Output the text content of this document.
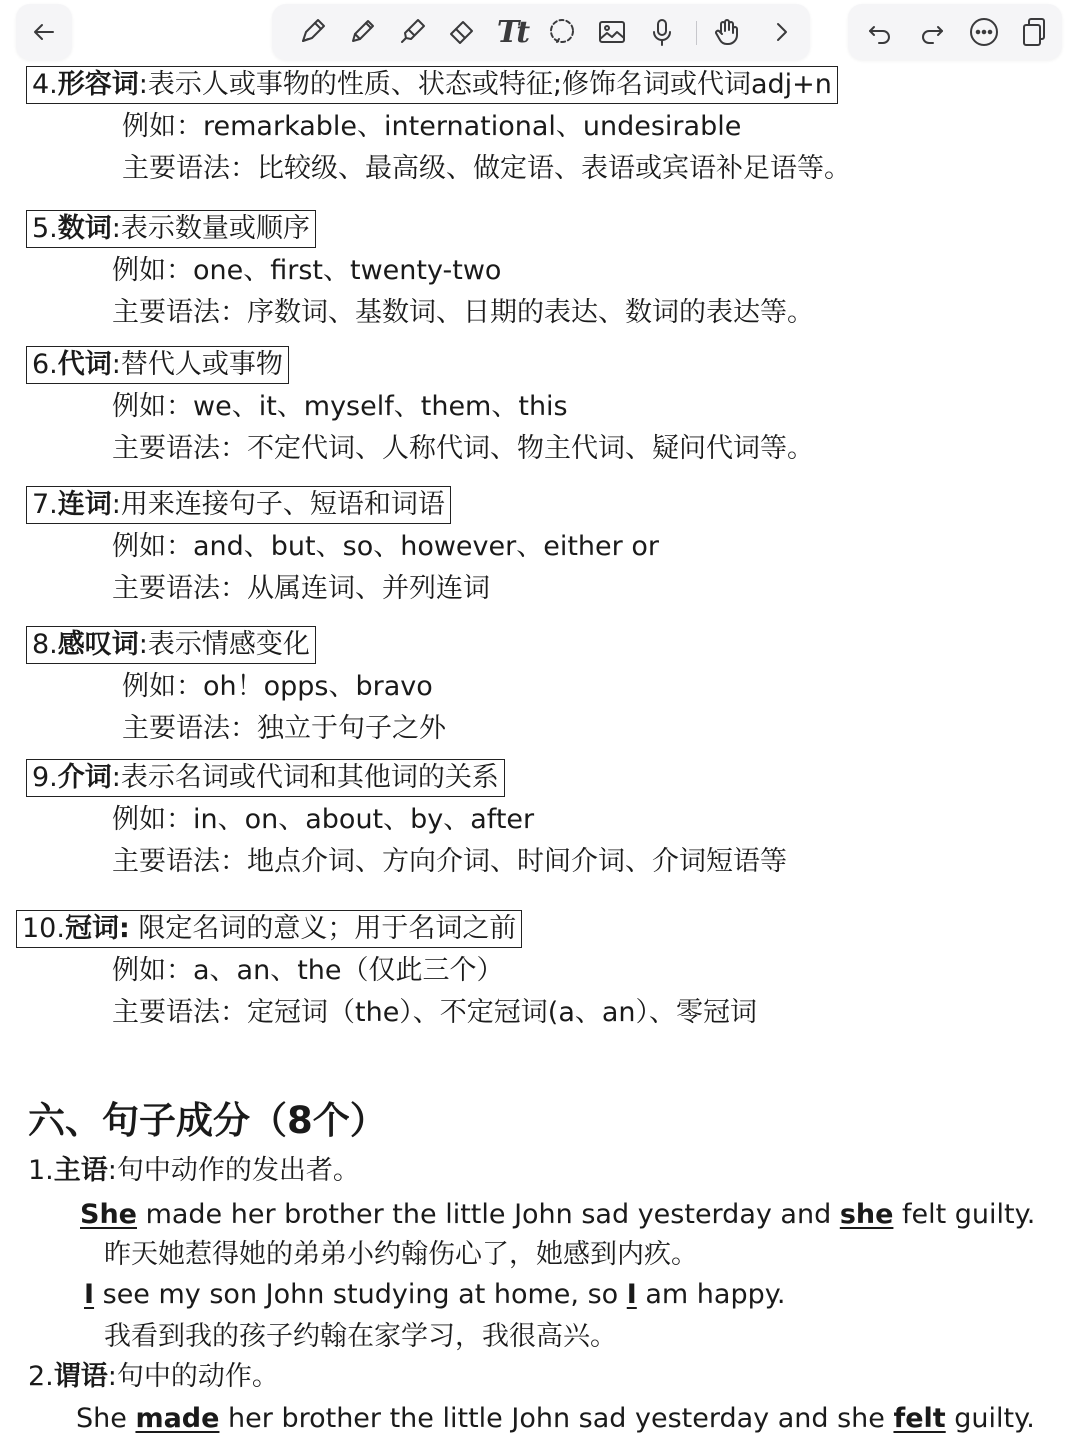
Tt
4.形容词:表示人或事物的性质、状态或特征;修饰名词或代词adj+n
例如：remarkable、international、undesirable
主要语法：比较级、最高级、做定语、表语或宾语补足语等。
5.数词:表示数量或顺序
例如：one、first、twenty-two
主要语法：序数词、基数词、日期的表达、数词的表达等。
6.代词:替代人或事物
例如：we、it、myself、them、this
主要语法：不定代词、人称代词、物主代词、疑问代词等。
7.连词:用来连接句子、短语和词语
例如：and、but、so、however、either or
主要语法：从属连词、并列连词
8.感叹词:表示情感变化
例如：oh！opps、bravo
主要语法：独立于句子之外
9.介词:表示名词或代词和其他词的关系
例如：in、on、about、by、after
主要语法：地点介词、方向介词、时间介词、介词短语等
10.冠词: 限定名词的意义；用于名词之前
例如：a、an、the（仅此三个）
主要语法：定冠词（the）、不定冠词(a、an）、零冠词
六、句子成分（8个）
1.主语:句中动作的发出者。
She made her brother the little John sad yesterday and she felt guilty.
昨天她惹得她的弟弟小约翰伤心了，她感到内疚。
I see my son John studying at home, so I am happy.
我看到我的孩子约翰在家学习，我很高兴。
2.谓语:句中的动作。
She made her brother the little John sad yesterday and she felt guilty.
